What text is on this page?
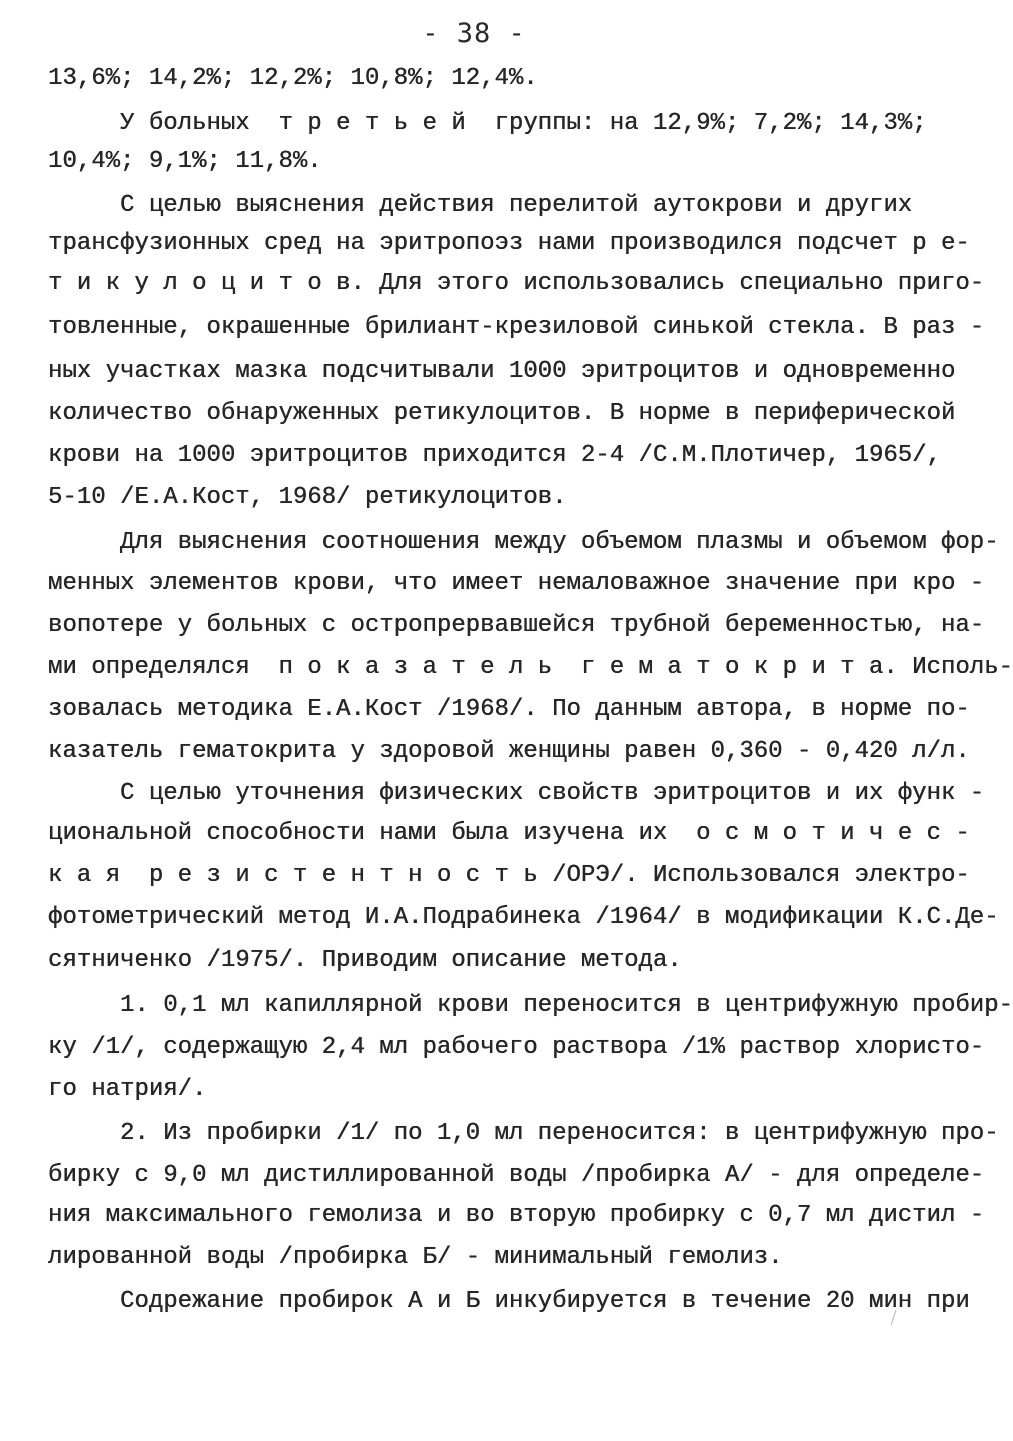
- 38 -
13,6%; 14,2%; 12,2%; 10,8%; 12,4%.
У больных  т р е т ь е й  группы: на 12,9%; 7,2%; 14,3%;
10,4%; 9,1%; 11,8%.
С целью выяснения действия перелитой аутокрови и других
трансфузионных сред на эритропоэз нами производился подсчет р е-
т и к у л о ц и т о в. Для этого использовались специально приго-
товленные, окрашенные брилиант-крезиловой синькой стекла. В раз -
ных участках мазка подсчитывали 1000 эритроцитов и одновременно
количество обнаруженных ретикулоцитов. В норме в периферической
крови на 1000 эритроцитов приходится 2-4 /С.М.Плотичер, 1965/,
5-10 /Е.А.Кост, 1968/ ретикулоцитов.
Для выяснения соотношения между объемом плазмы и объемом фор-
менных элементов крови, что имеет немаловажное значение при кро -
вопотере у больных с остропрервавшейся трубной беременностью, на-
ми определялся  п о к а з а т е л ь  г е м а т о к р и т а. Исполь-
зовалась методика Е.А.Кост /1968/. По данным автора, в норме по-
казатель гематокрита у здоровой женщины равен 0,360 - 0,420 л/л.
С целью уточнения физических свойств эритроцитов и их функ -
циональной способности нами была изучена их  о с м о т и ч е с -
к а я  р е з и с т е н т н о с т ь /ОРЭ/. Использовался электро-
фотометрический метод И.А.Подрабинека /1964/ в модификации К.С.Де-
сятниченко /1975/. Приводим описание метода.
1. 0,1 мл капиллярной крови переносится в центрифужную пробир-
ку /1/, содержащую 2,4 мл рабочего раствора /1% раствор хлористо-
го натрия/.
2. Из пробирки /1/ по 1,0 мл переносится: в центрифужную про-
бирку с 9,0 мл дистиллированной воды /пробирка А/ - для определе-
ния максимального гемолиза и во вторую пробирку с 0,7 мл дистил -
лированной воды /пробирка Б/ - минимальный гемолиз.
Содрежание пробирок А и Б инкубируется в течение 20 мин при
